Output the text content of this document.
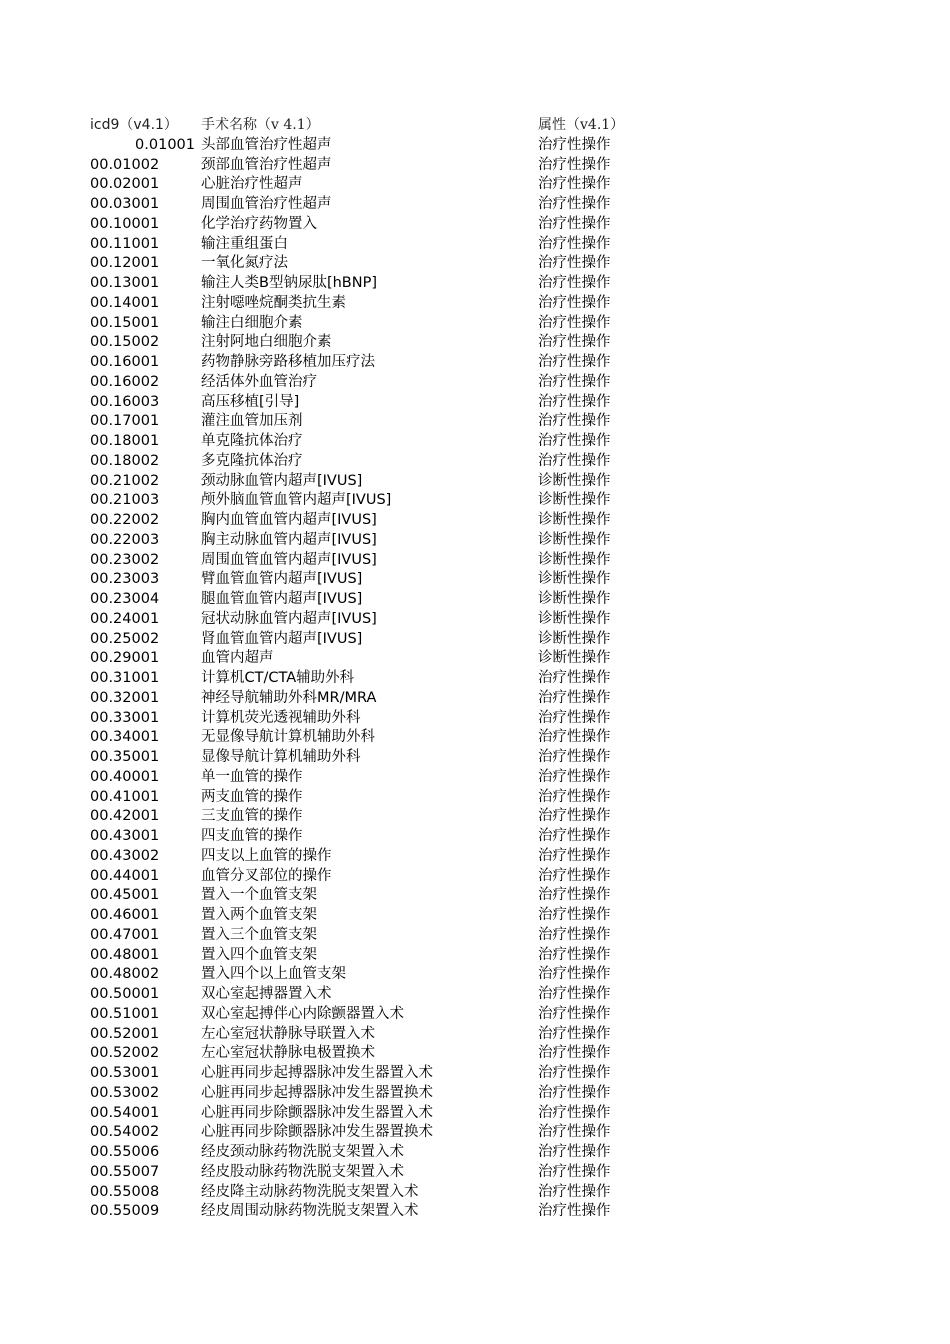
icd9（v4.1）	手术名称（v 4.1）	属性（v4.1）
0.01001 头部血管治疗性超声	治疗性操作
00.01002	颈部血管治疗性超声	治疗性操作
00.02001	心脏治疗性超声	治疗性操作
00.03001	周围血管治疗性超声	治疗性操作
00.10001	化学治疗药物置入	治疗性操作
00.11001	输注重组蛋白	治疗性操作
00.12001	一氧化氮疗法	治疗性操作
00.13001	输注人类B型钠尿肽[hBNP]	治疗性操作
00.14001	注射噁唑烷酮类抗生素	治疗性操作
00.15001	输注白细胞介素	治疗性操作
00.15002	注射阿地白细胞介素	治疗性操作
00.16001	药物静脉旁路移植加压疗法	治疗性操作
00.16002	经活体外血管治疗	治疗性操作
00.16003	高压移植[引导]	治疗性操作
00.17001	灌注血管加压剂	治疗性操作
00.18001	单克隆抗体治疗	治疗性操作
00.18002	多克隆抗体治疗	治疗性操作
00.21002	颈动脉血管内超声[IVUS]	诊断性操作
00.21003	颅外脑血管血管内超声[IVUS]	诊断性操作
00.22002	胸内血管血管内超声[IVUS]	诊断性操作
00.22003	胸主动脉血管内超声[IVUS]	诊断性操作
00.23002	周围血管血管内超声[IVUS]	诊断性操作
00.23003	臂血管血管内超声[IVUS]	诊断性操作
00.23004	腿血管血管内超声[IVUS]	诊断性操作
00.24001	冠状动脉血管内超声[IVUS]	诊断性操作
00.25002	肾血管血管内超声[IVUS]	诊断性操作
00.29001	血管内超声	诊断性操作
00.31001	计算机CT/CTA辅助外科	治疗性操作
00.32001	神经导航辅助外科MR/MRA	治疗性操作
00.33001	计算机荧光透视辅助外科	治疗性操作
00.34001	无显像导航计算机辅助外科	治疗性操作
00.35001	显像导航计算机辅助外科	治疗性操作
00.40001	单一血管的操作	治疗性操作
00.41001	两支血管的操作	治疗性操作
00.42001	三支血管的操作	治疗性操作
00.43001	四支血管的操作	治疗性操作
00.43002	四支以上血管的操作	治疗性操作
00.44001	血管分叉部位的操作	治疗性操作
00.45001	置入一个血管支架	治疗性操作
00.46001	置入两个血管支架	治疗性操作
00.47001	置入三个血管支架	治疗性操作
00.48001	置入四个血管支架	治疗性操作
00.48002	置入四个以上血管支架	治疗性操作
00.50001	双心室起搏器置入术	治疗性操作
00.51001	双心室起搏伴心内除颤器置入术	治疗性操作
00.52001	左心室冠状静脉导联置入术	治疗性操作
00.52002	左心室冠状静脉电极置换术	治疗性操作
00.53001	心脏再同步起搏器脉冲发生器置入术	治疗性操作
00.53002	心脏再同步起搏器脉冲发生器置换术	治疗性操作
00.54001	心脏再同步除颤器脉冲发生器置入术	治疗性操作
00.54002	心脏再同步除颤器脉冲发生器置换术	治疗性操作
00.55006	经皮颈动脉药物洗脱支架置入术	治疗性操作
00.55007	经皮股动脉药物洗脱支架置入术	治疗性操作
00.55008	经皮降主动脉药物洗脱支架置入术	治疗性操作
00.55009	经皮周围动脉药物洗脱支架置入术	治疗性操作
